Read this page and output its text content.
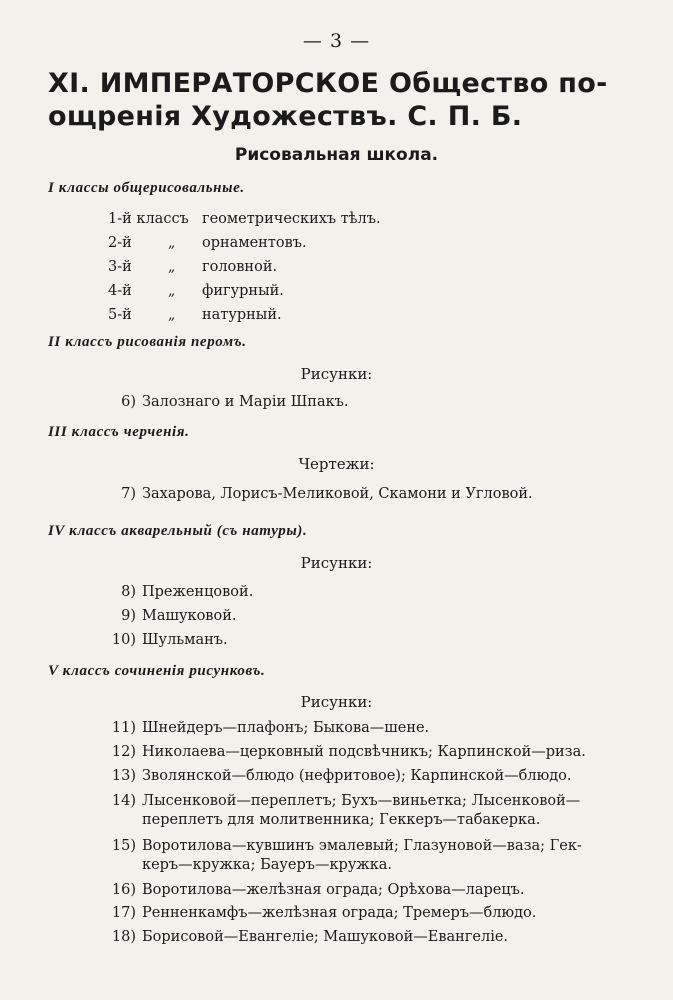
— 3 —
XI. ИМПЕРАТОРСКОЕ Общество по-
ощренія Художествъ. С. П. Б.
Рисовальная школа.
I классы общерисовальные.
1-й классъ геометрическихъ тѣлъ.
2-й	„ орнаментовъ.
3-й	„ головной.
4-й	„ фигурный.
5-й	„ натурный.
II классъ рисованія перомъ.
Рисунки:
6) Залознаго и Маріи Шпакъ.
III классъ черченія.
Чертежи:
7) Захарова, Лорисъ-Меликовой, Скамони и Угловой.
IV классъ акварельный (съ натуры).
Рисунки:
8) Преженцовой.
9) Машуковой.
10) Шульманъ.
V классъ сочиненія рисунковъ.
Рисунки:
11) Шнейдеръ—плафонъ; Быкова—шене.
12) Николаева—церковный подсвѣчникъ; Карпинской—риза.
13) Зволянской—блюдо (нефритовое); Карпинской—блюдо.
14) Лысенковой—переплетъ; Бухъ—виньетка; Лысенковой—
переплетъ для молитвенника; Геккеръ—табакерка.
15) Воротилова—кувшинъ эмалевый; Глазуновой—ваза; Гек-
керъ—кружка; Бауеръ—кружка.
16) Воротилова—желѣзная ограда; Орѣхова—ларецъ.
17) Ренненкамфъ—желѣзная ограда; Тремеръ—блюдо.
18) Борисовой—Евангеліе; Машуковой—Евангеліе.
